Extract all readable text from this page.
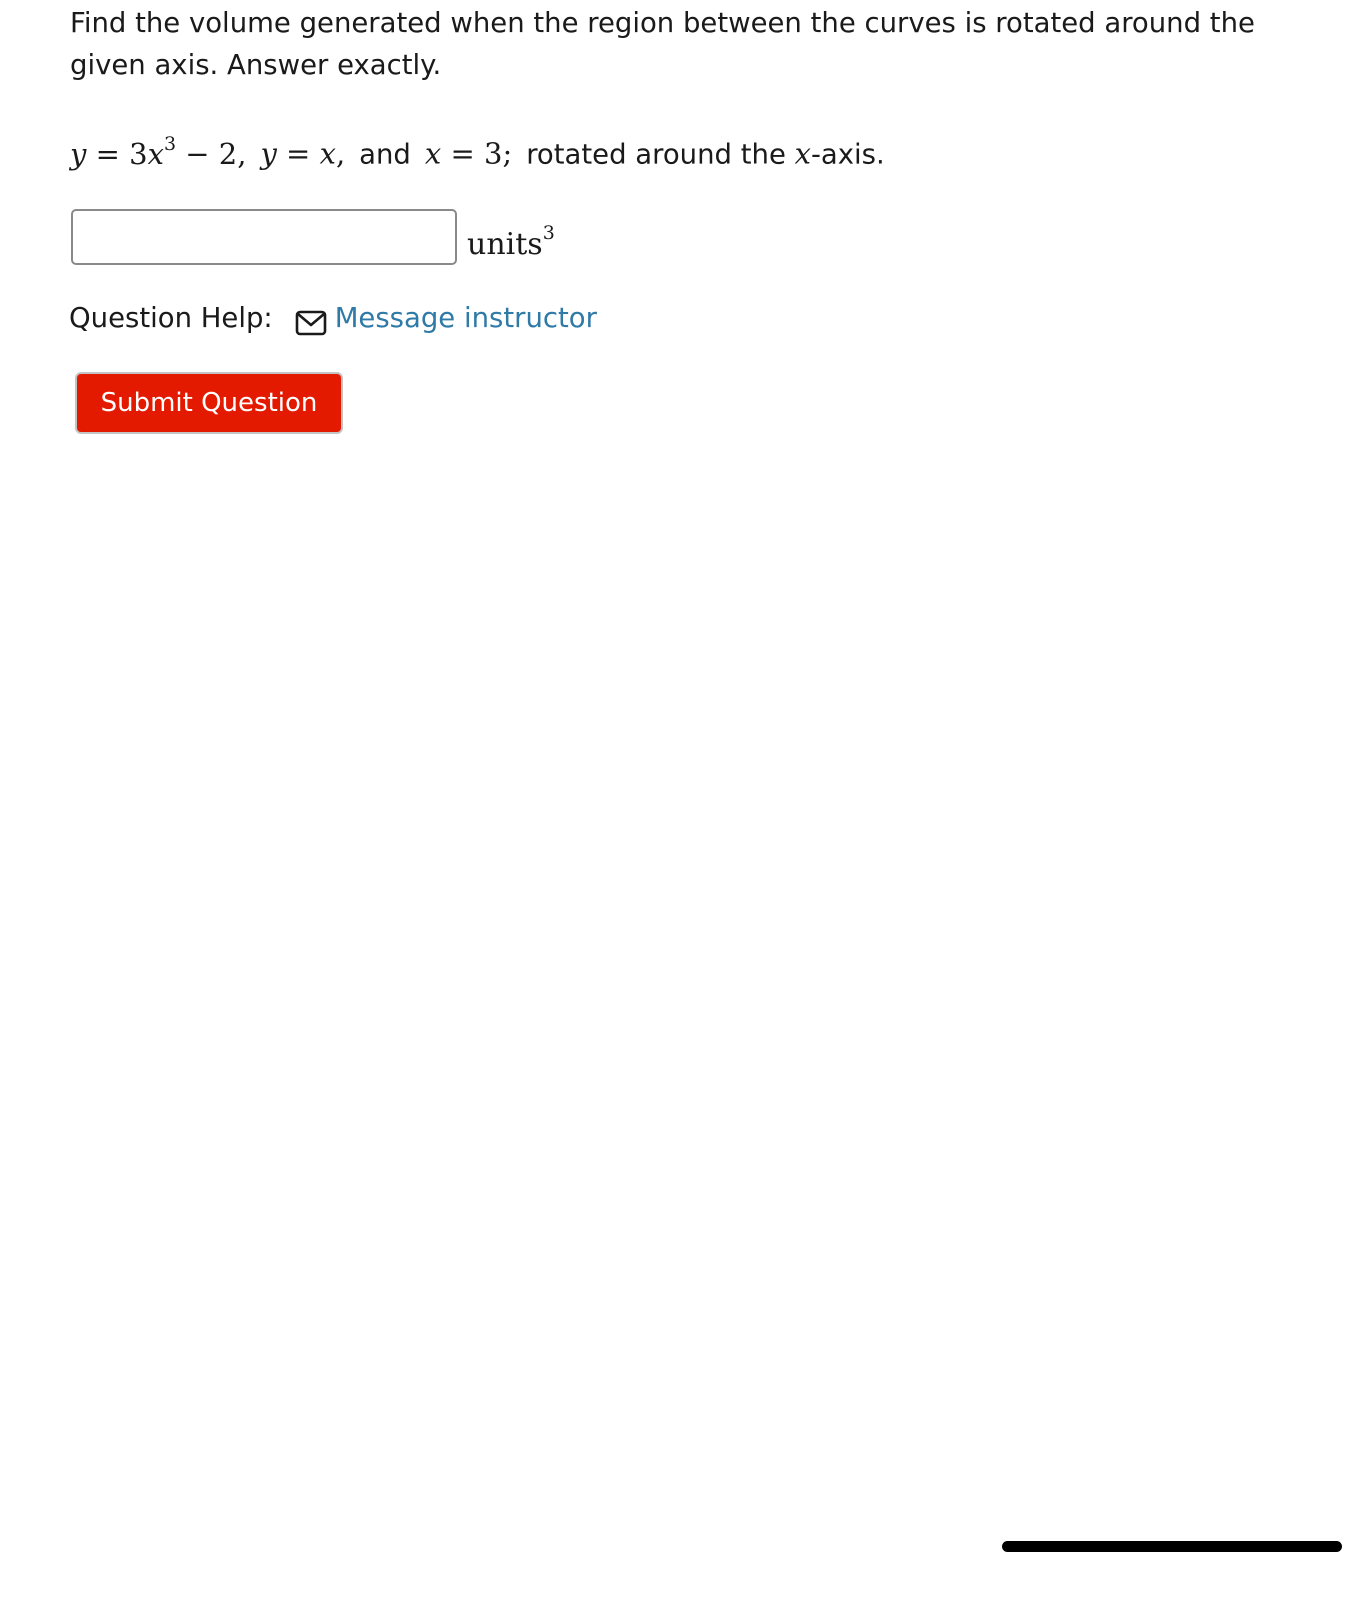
Find the volume generated when the region between the curves is rotated around the given axis. Answer exactly.

$y = 3x^3 - 2$, y = x, and x = 3; rotated around the x-axis.
units$^3$
Question Help: Message instructor
Submit Question
